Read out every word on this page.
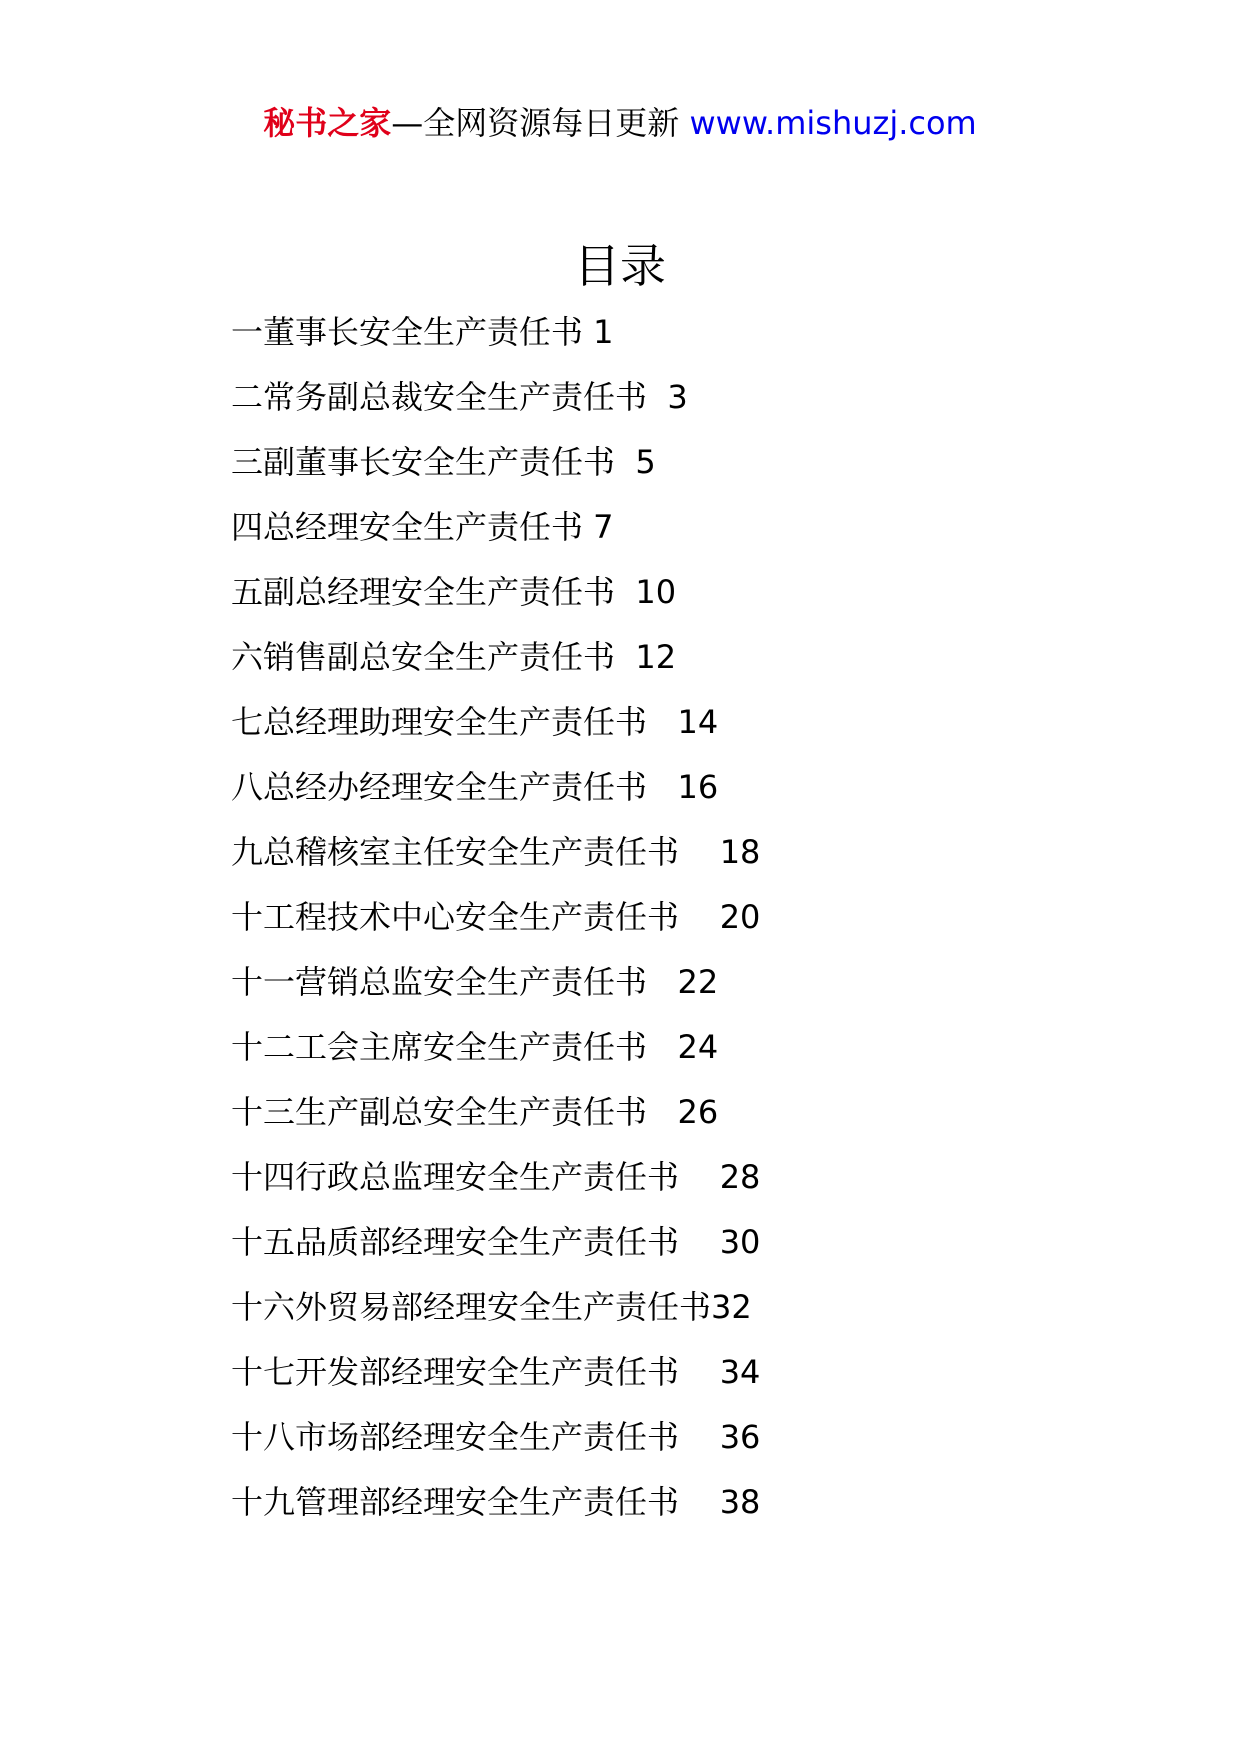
秘书之家—全网资源每日更新 www.mishuzj.com
目录
一董事长安全生产责任书 1
二常务副总裁安全生产责任书  3
三副董事长安全生产责任书  5
四总经理安全生产责任书 7
五副总经理安全生产责任书  10
六销售副总安全生产责任书  12
七总经理助理安全生产责任书   14
八总经办经理安全生产责任书   16
九总稽核室主任安全生产责任书    18
十工程技术中心安全生产责任书    20
十一营销总监安全生产责任书   22
十二工会主席安全生产责任书   24
十三生产副总安全生产责任书   26
十四行政总监理安全生产责任书    28
十五品质部经理安全生产责任书    30
十六外贸易部经理安全生产责任书32
十七开发部经理安全生产责任书    34
十八市场部经理安全生产责任书    36
十九管理部经理安全生产责任书    38
